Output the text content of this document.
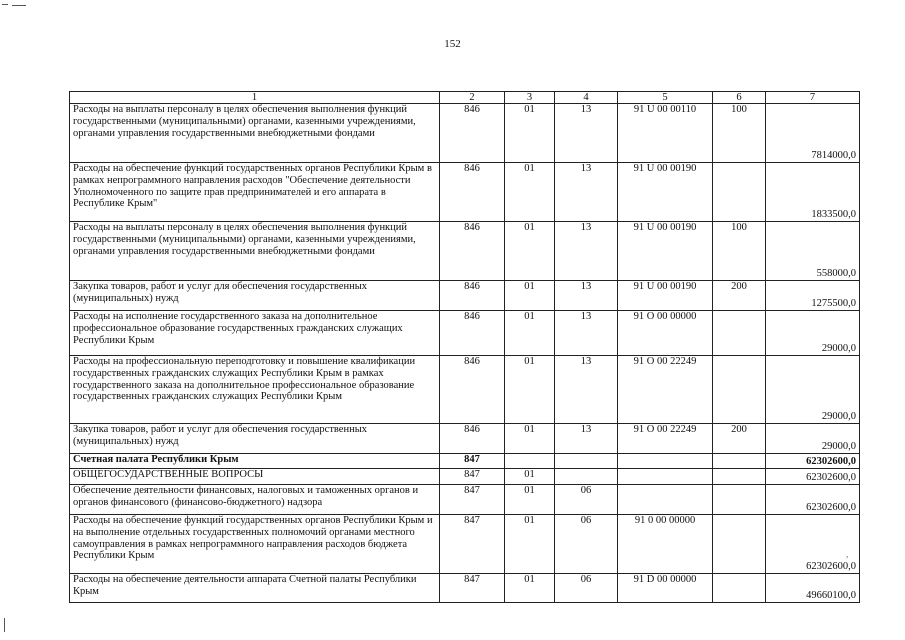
152
1	2	3	4	5	6	7
Расходы на выплаты персоналу в целях обеспечения выполнения функций государственными (муниципальными) органами, казенными учреждениями, органами управления государственными внебюджетными фондами	846	01	13	91 U 00 00110	100	7814000,0
Расходы на обеспечение функций государственных органов Республики Крым в рамках непрограммного направления расходов "Обеспечение деятельности Уполномоченного по защите прав предпринимателей и его аппарата в Республике Крым"	846	01	13	91 U 00 00190		1833500,0
Расходы на выплаты персоналу в целях обеспечения выполнения функций государственными (муниципальными) органами, казенными учреждениями, органами управления государственными внебюджетными фондами	846	01	13	91 U 00 00190	100	558000,0
Закупка товаров, работ и услуг для обеспечения государственных (муниципальных) нужд	846	01	13	91 U 00 00190	200	1275500,0
Расходы на исполнение государственного заказа на дополнительное профессиональное образование государственных гражданских служащих Республики Крым	846	01	13	91 O 00 00000		29000,0
Расходы на профессиональную переподготовку и повышение квалификации государственных гражданских служащих Республики Крым в рамках государственного заказа на дополнительное профессиональное образование государственных гражданских служащих Республики Крым	846	01	13	91 O 00 22249		29000,0
Закупка товаров, работ и услуг для обеспечения государственных (муниципальных) нужд	846	01	13	91 O 00 22249	200	29000,0
Счетная палата Республики Крым	847					62302600,0
ОБЩЕГОСУДАРСТВЕННЫЕ ВОПРОСЫ	847	01				62302600,0
Обеспечение деятельности финансовых, налоговых и таможенных органов и органов финансового (финансово-бюджетного) надзора	847	01	06			62302600,0
Расходы на обеспечение функций государственных органов Республики Крым и на выполнение отдельных государственных полномочий органами местного самоуправления в рамках непрограммного направления расходов бюджета Республики Крым	847	01	06	91 0 00 00000		62302600,0
Расходы на обеспечение деятельности аппарата Счетной палаты Республики Крым	847	01	06	91 D 00 00000		49660100,0
,
